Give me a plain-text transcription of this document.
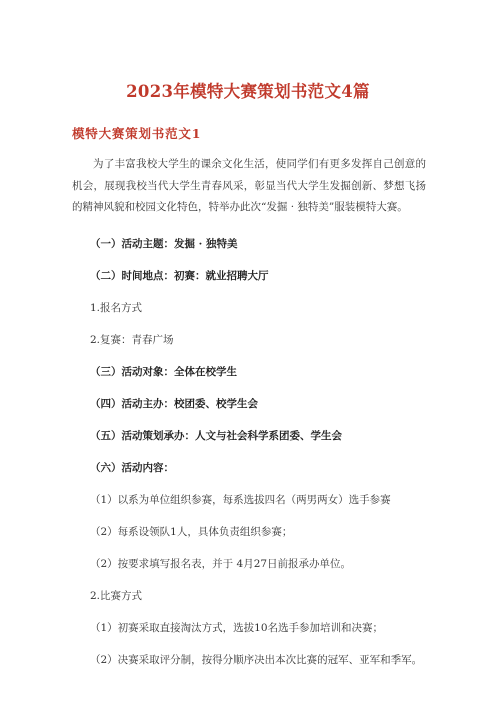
2023年模特大赛策划书范文4篇
模特大赛策划书范文1
为了丰富我校大学生的课余文化生活，使同学们有更多发挥自己创意的机会，展现我校当代大学生青春风采，彰显当代大学生发掘创新、梦想飞扬的精神风貌和校园文化特色，特举办此次“发掘 · 独特美”服装模特大赛。
（一）活动主题：发掘 · 独特美
（二）时间地点：初赛：就业招聘大厅
1.报名方式
2.复赛：青春广场
（三）活动对象：全体在校学生
（四）活动主办：校团委、校学生会
（五）活动策划承办：人文与社会科学系团委、学生会
（六）活动内容：
（1）以系为单位组织参赛，每系选拔四名（两男两女）选手参赛
（2）每系设领队1人，具体负责组织参赛；
（2）按要求填写报名表，并于 4月27日前报承办单位。
2.比赛方式
（1）初赛采取直接淘汰方式，选拔10名选手参加培训和决赛；
（2）决赛采取评分制，按得分顺序决出本次比赛的冠军、亚军和季军。
